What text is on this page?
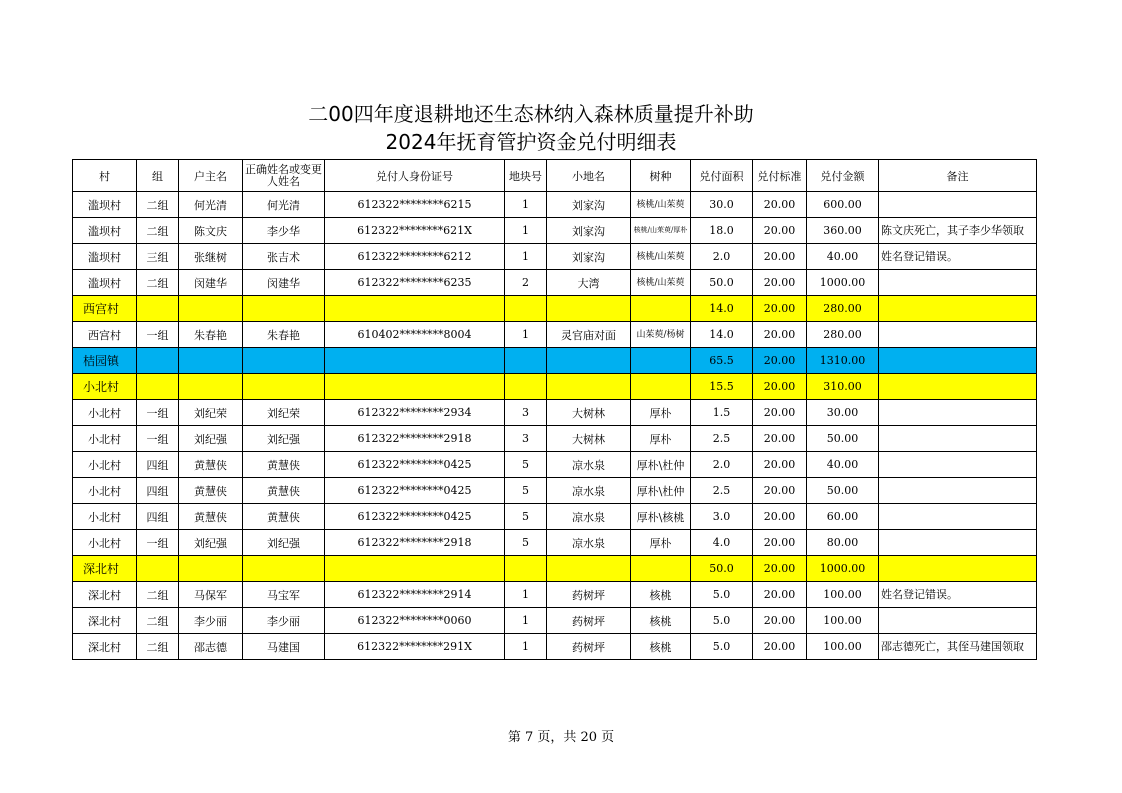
二00四年度退耕地还生态林纳入森林质量提升补助
2024年抚育管护资金兑付明细表
村	组	户主名	正确姓名或变更人姓名	兑付人身份证号	地块号	小地名	树种	兑付面积	兑付标准	兑付金额	备注
滥坝村	二组	何光清	何光清	612322********6215	1	刘家沟	核桃/山茱萸	30.0	20.00	600.00	
滥坝村	二组	陈文庆	李少华	612322********621X	1	刘家沟	核桃/山茱萸/厚朴	18.0	20.00	360.00	陈文庆死亡，其子李少华领取
滥坝村	三组	张继树	张吉术	612322********6212	1	刘家沟	核桃/山茱萸	2.0	20.00	40.00	姓名登记错误。
滥坝村	二组	闵建华	闵建华	612322********6235	2	大湾	核桃/山茱萸	50.0	20.00	1000.00	
西宫村								14.0	20.00	280.00	
西宫村	一组	朱春艳	朱春艳	610402********8004	1	灵官庙对面	山茱萸/杨树	14.0	20.00	280.00	
桔园镇								65.5	20.00	1310.00	
小北村								15.5	20.00	310.00	
小北村	一组	刘纪荣	刘纪荣	612322********2934	3	大树林	厚朴	1.5	20.00	30.00	
小北村	一组	刘纪强	刘纪强	612322********2918	3	大树林	厚朴	2.5	20.00	50.00	
小北村	四组	黄慧侠	黄慧侠	612322********0425	5	凉水泉	厚朴\杜仲	2.0	20.00	40.00	
小北村	四组	黄慧侠	黄慧侠	612322********0425	5	凉水泉	厚朴\杜仲	2.5	20.00	50.00	
小北村	四组	黄慧侠	黄慧侠	612322********0425	5	凉水泉	厚朴\核桃	3.0	20.00	60.00	
小北村	一组	刘纪强	刘纪强	612322********2918	5	凉水泉	厚朴	4.0	20.00	80.00	
深北村								50.0	20.00	1000.00	
深北村	二组	马保军	马宝军	612322********2914	1	药树坪	核桃	5.0	20.00	100.00	姓名登记错误。
深北村	二组	李少丽	李少丽	612322********0060	1	药树坪	核桃	5.0	20.00	100.00	
深北村	二组	邵志德	马建国	612322********291X	1	药树坪	核桃	5.0	20.00	100.00	邵志德死亡，其侄马建国领取
第 7 页，共 20 页
